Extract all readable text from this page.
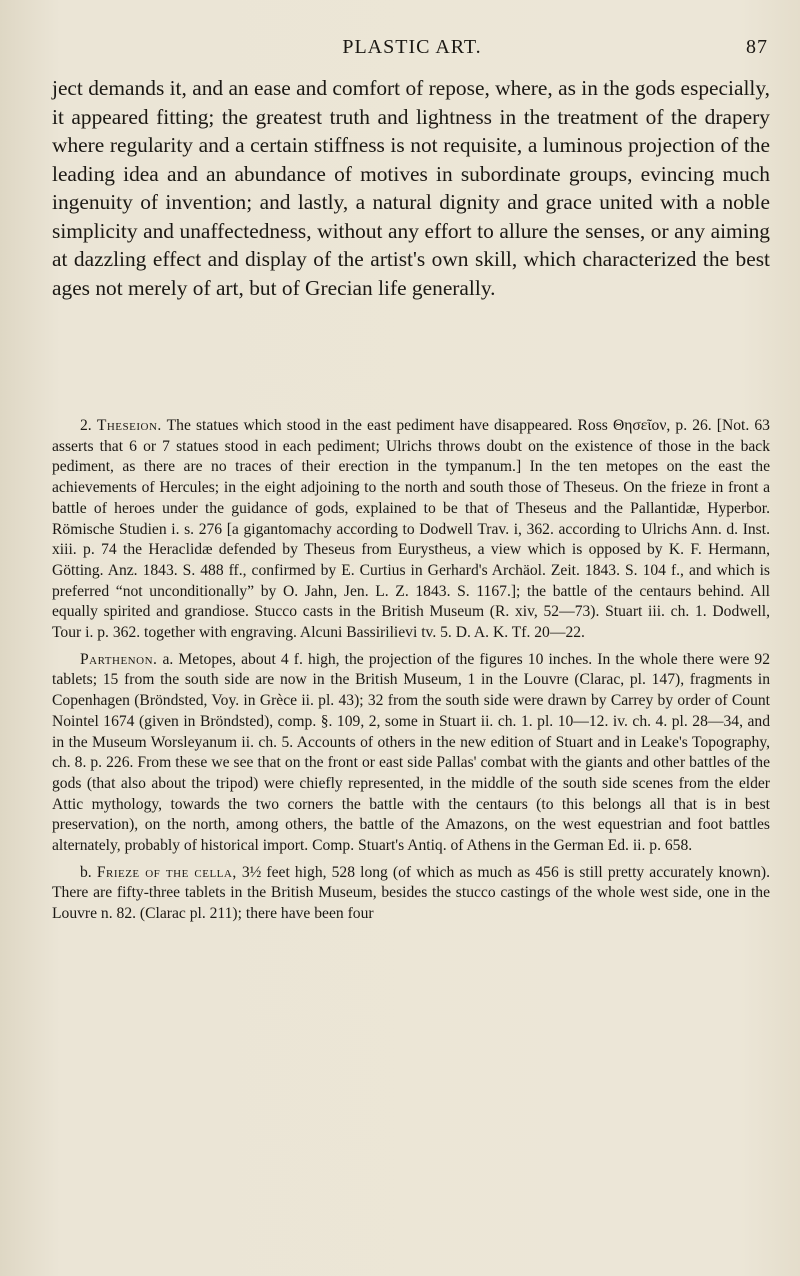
PLASTIC ART.	87

ject demands it, and an ease and comfort of repose, where, as in the gods especially, it appeared fitting; the greatest truth and lightness in the treatment of the drapery where regularity and a certain stiffness is not requisite, a luminous projection of the leading idea and an abundance of motives in subordinate groups, evincing much ingenuity of invention; and lastly, a natural dignity and grace united with a noble simplicity and unaffectedness, without any effort to allure the senses, or any aiming at dazzling effect and display of the artist's own skill, which characterized the best ages not merely of art, but of Grecian life generally.

2. Theseion. The statues which stood in the east pediment have disappeared. Ross Θησεῖον, p. 26. [Not. 63 asserts that 6 or 7 statues stood in each pediment; Ulrichs throws doubt on the existence of those in the back pediment, as there are no traces of their erection in the tympanum.] In the ten metopes on the east the achievements of Hercules; in the eight adjoining to the north and south those of Theseus. On the frieze in front a battle of heroes under the guidance of gods, explained to be that of Theseus and the Pallantidæ, Hyperbor. Römische Studien i. s. 276 [a gigantomachy according to Dodwell Trav. i, 362. according to Ulrichs Ann. d. Inst. xiii. p. 74 the Heraclidæ defended by Theseus from Eurystheus, a view which is opposed by K. F. Hermann, Götting. Anz. 1843. S. 488 ff., confirmed by E. Curtius in Gerhard's Archäol. Zeit. 1843. S. 104 f., and which is preferred “not unconditionally” by O. Jahn, Jen. L. Z. 1843. S. 1167.]; the battle of the centaurs behind. All equally spirited and grandiose. Stucco casts in the British Museum (R. xiv, 52—73). Stuart iii. ch. 1. Dodwell, Tour i. p. 362. together with engraving. Alcuni Bassirilievi tv. 5. D. A. K. Tf. 20—22.

Parthenon. a. Metopes, about 4 f. high, the projection of the figures 10 inches. In the whole there were 92 tablets; 15 from the south side are now in the British Museum, 1 in the Louvre (Clarac, pl. 147), fragments in Copenhagen (Bröndsted, Voy. in Grèce ii. pl. 43); 32 from the south side were drawn by Carrey by order of Count Nointel 1674 (given in Bröndsted), comp. §. 109, 2, some in Stuart ii. ch. 1. pl. 10—12. iv. ch. 4. pl. 28—34, and in the Museum Worsleyanum ii. ch. 5. Accounts of others in the new edition of Stuart and in Leake's Topography, ch. 8. p. 226. From these we see that on the front or east side Pallas' combat with the giants and other battles of the gods (that also about the tripod) were chiefly represented, in the middle of the south side scenes from the elder Attic mythology, towards the two corners the battle with the centaurs (to this belongs all that is in best preservation), on the north, among others, the battle of the Amazons, on the west equestrian and foot battles alternately, probably of historical import. Comp. Stuart's Antiq. of Athens in the German Ed. ii. p. 658.

b. Frieze of the cella, 3½ feet high, 528 long (of which as much as 456 is still pretty accurately known). There are fifty-three tablets in the British Museum, besides the stucco castings of the whole west side, one in the Louvre n. 82. (Clarac pl. 211); there have been four
